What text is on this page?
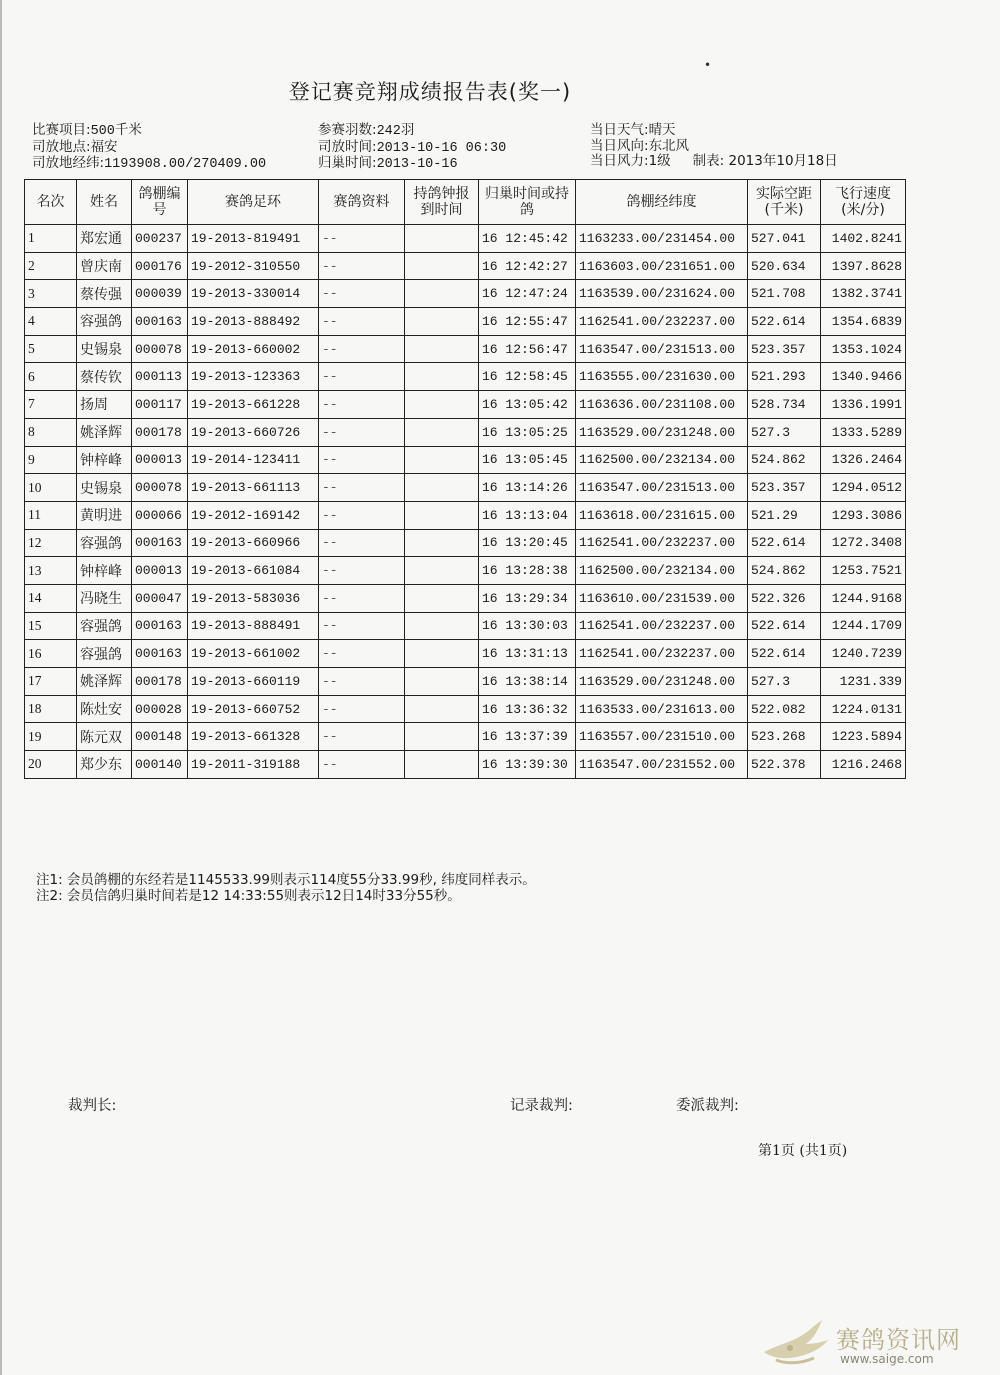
登记赛竞翔成绩报告表(奖一)
•
比赛项目:500千米
司放地点:福安
司放地经纬:1193908.00/270409.00
参赛羽数:242羽
司放时间:2013-10-16 06:30
归巢时间:2013-10-16
当日天气:晴天
当日风向:东北风
当日风力:1级 制表: 2013年10月18日
名次	姓名	鸽棚编号	赛鸽足环	赛鸽资料	持鸽钟报到时间	归巢时间或持鸽	鸽棚经纬度	实际空距(千米)	飞行速度(米/分)
1	郑宏通	000237	19-2013-819491	--		16 12:45:42	1163233.00/231454.00	527.041	1402.8241
2	曾庆南	000176	19-2012-310550	--		16 12:42:27	1163603.00/231651.00	520.634	1397.8628
3	蔡传强	000039	19-2013-330014	--		16 12:47:24	1163539.00/231624.00	521.708	1382.3741
4	容强鸽	000163	19-2013-888492	--		16 12:55:47	1162541.00/232237.00	522.614	1354.6839
5	史锡泉	000078	19-2013-660002	--		16 12:56:47	1163547.00/231513.00	523.357	1353.1024
6	蔡传钦	000113	19-2013-123363	--		16 12:58:45	1163555.00/231630.00	521.293	1340.9466
7	扬周	000117	19-2013-661228	--		16 13:05:42	1163636.00/231108.00	528.734	1336.1991
8	姚泽辉	000178	19-2013-660726	--		16 13:05:25	1163529.00/231248.00	527.3	1333.5289
9	钟梓峰	000013	19-2014-123411	--		16 13:05:45	1162500.00/232134.00	524.862	1326.2464
10	史锡泉	000078	19-2013-661113	--		16 13:14:26	1163547.00/231513.00	523.357	1294.0512
11	黄明进	000066	19-2012-169142	--		16 13:13:04	1163618.00/231615.00	521.29	1293.3086
12	容强鸽	000163	19-2013-660966	--		16 13:20:45	1162541.00/232237.00	522.614	1272.3408
13	钟梓峰	000013	19-2013-661084	--		16 13:28:38	1162500.00/232134.00	524.862	1253.7521
14	冯晓生	000047	19-2013-583036	--		16 13:29:34	1163610.00/231539.00	522.326	1244.9168
15	容强鸽	000163	19-2013-888491	--		16 13:30:03	1162541.00/232237.00	522.614	1244.1709
16	容强鸽	000163	19-2013-661002	--		16 13:31:13	1162541.00/232237.00	522.614	1240.7239
17	姚泽辉	000178	19-2013-660119	--		16 13:38:14	1163529.00/231248.00	527.3	1231.339
18	陈灶安	000028	19-2013-660752	--		16 13:36:32	1163533.00/231613.00	522.082	1224.0131
19	陈元双	000148	19-2013-661328	--		16 13:37:39	1163557.00/231510.00	523.268	1223.5894
20	郑少东	000140	19-2011-319188	--		16 13:39:30	1163547.00/231552.00	522.378	1216.2468
注1: 会员鸽棚的东经若是1145533.99则表示114度55分33.99秒, 纬度同样表示。
注2: 会员信鸽归巢时间若是12 14:33:55则表示12日14时33分55秒。
裁判长:	记录裁判:	委派裁判:
第1页 (共1页)
赛鸽资讯网
www.saige.com
